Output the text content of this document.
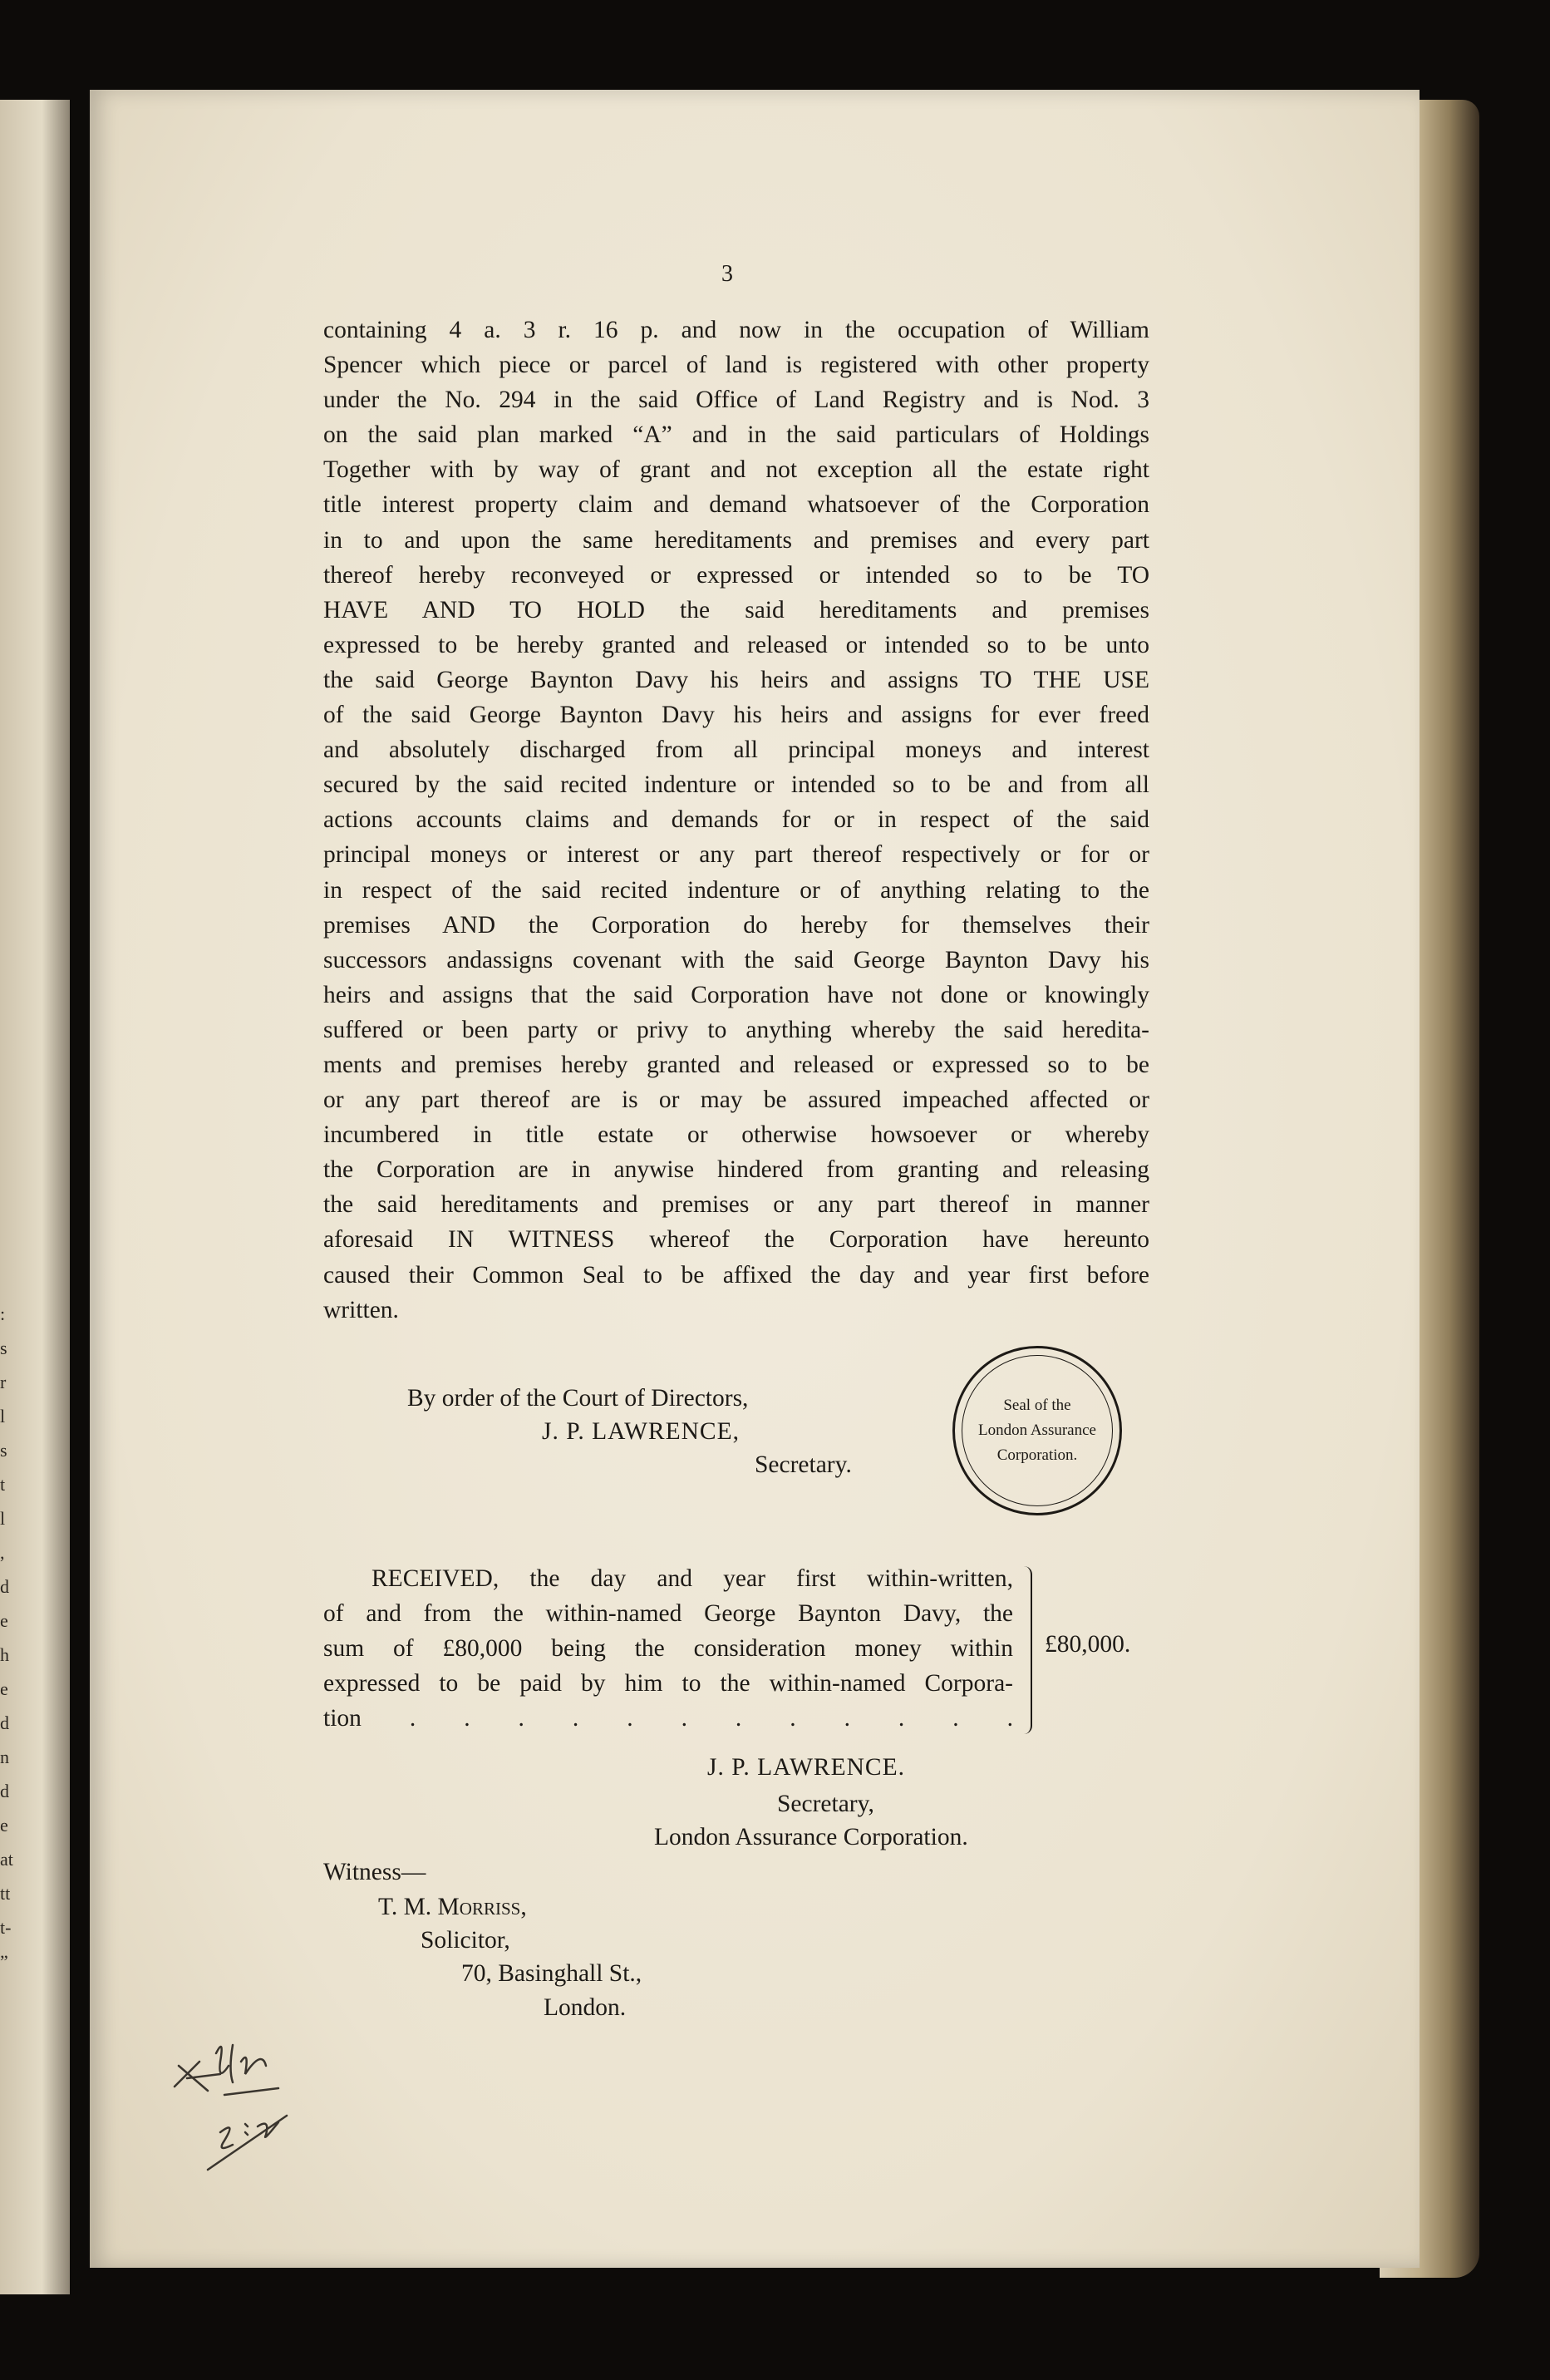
:
s
r
l
s
t
l
,
d
e
h
e
d
n
d
e
at
tt
t-
”
3
containing 4 a. 3 r. 16 p. and now in the occupation of William
Spencer which piece or parcel of land is registered with other property
under the No. 294 in the said Office of Land Registry and is Nod. 3
on the said plan marked “A” and in the said particulars of Holdings
Together with by way of grant and not exception all the estate right
title interest property claim and demand whatsoever of the Corporation
in to and upon the same hereditaments and premises and every part
thereof hereby reconveyed or expressed or intended so to be TO
HAVE AND TO HOLD the said hereditaments and premises
expressed to be hereby granted and released or intended so to be unto
the said George Baynton Davy his heirs and assigns TO THE USE
of the said George Baynton Davy his heirs and assigns for ever freed
and absolutely discharged from all principal moneys and interest
secured by the said recited indenture or intended so to be and from all
actions accounts claims and demands for or in respect of the said
principal moneys or interest or any part thereof respectively or for or
in respect of the said recited indenture or of anything relating to the
premises AND the Corporation do hereby for themselves their
successors andassigns covenant with the said George Baynton Davy his
heirs and assigns that the said Corporation have not done or knowingly
suffered or been party or privy to anything whereby the said heredita-
ments and premises hereby granted and released or expressed so to be
or any part thereof are is or may be assured impeached affected or
incumbered in title estate or otherwise howsoever or whereby
the Corporation are in anywise hindered from granting and releasing
the said hereditaments and premises or any part thereof in manner
aforesaid IN WITNESS whereof the Corporation have hereunto
caused their Common Seal to be affixed the day and year first before
written.
By order of the Court of Directors,
J. P. LAWRENCE,
Secretary.
Seal of the
London Assurance
Corporation.
RECEIVED, the day and year first within-written,
of and from the within-named George Baynton Davy, the
sum of £80,000 being the consideration money within
expressed to be paid by him to the within-named Corpora-
tion . . . . . . . . . . . .
£80,000.
J. P. LAWRENCE.
Secretary,
London Assurance Corporation.
Witness—
T. M. Morriss,
Solicitor,
70, Basinghall St.,
London.
